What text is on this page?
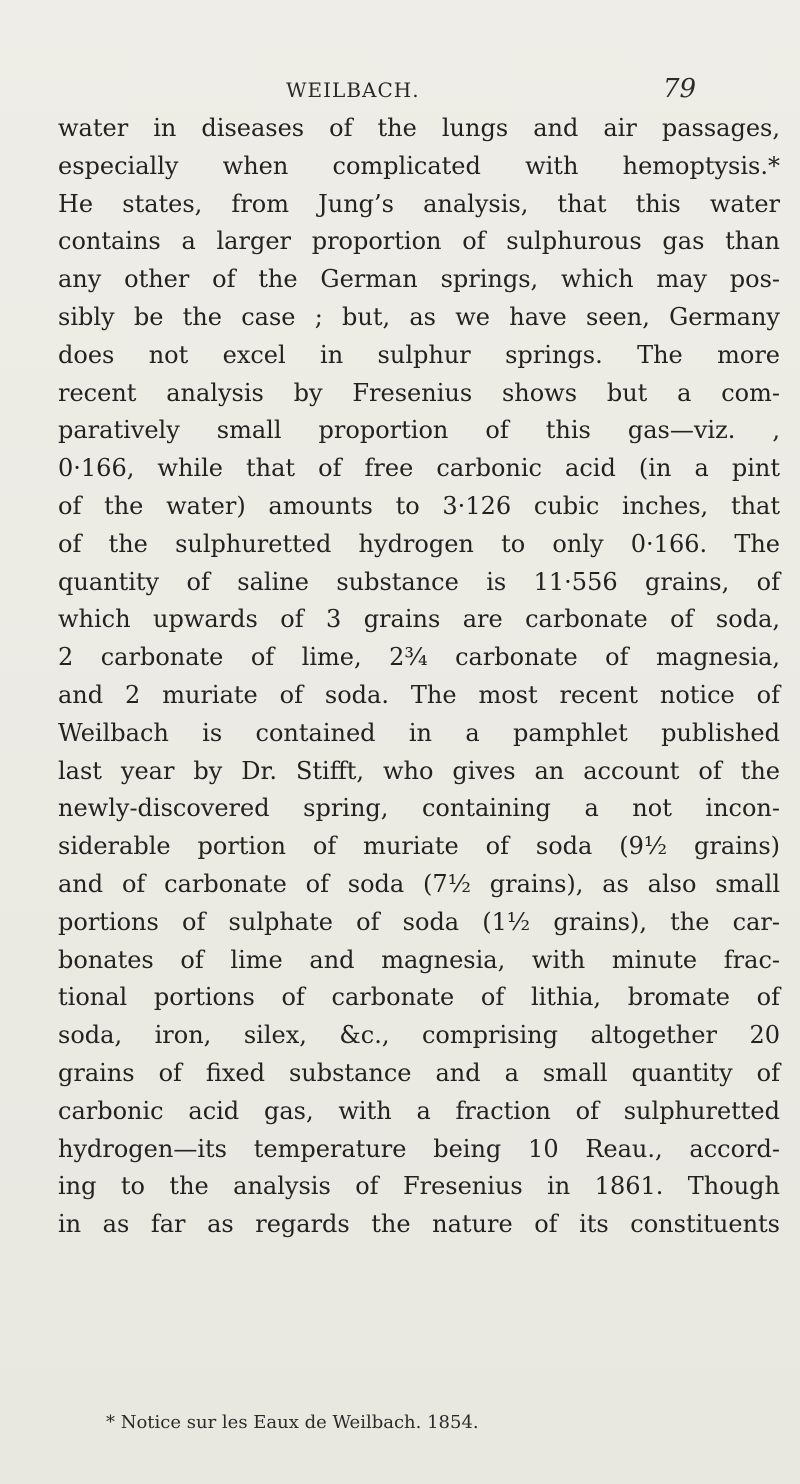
WEILBACH.	79
water in diseases of the lungs and air passages,
especially when complicated with hemoptysis.*
He states, from Jung’s analysis, that this water
contains a larger proportion of sulphurous gas than
any other of the German springs, which may pos-
sibly be the case ; but, as we have seen, Germany
does not excel in sulphur springs. The more
recent analysis by Fresenius shows but a com-
paratively small proportion of this gas—viz. ,
0·166, while that of free carbonic acid (in a pint
of the water) amounts to 3·126 cubic inches, that
of the sulphuretted hydrogen to only 0·166. The
quantity of saline substance is 11·556 grains, of
which upwards of 3 grains are carbonate of soda,
2 carbonate of lime, 2¾ carbonate of magnesia,
and 2 muriate of soda. The most recent notice of
Weilbach is contained in a pamphlet published
last year by Dr. Stifft, who gives an account of the
newly-discovered spring, containing a not incon-
siderable portion of muriate of soda (9½ grains)
and of carbonate of soda (7½ grains), as also small
portions of sulphate of soda (1½ grains), the car-
bonates of lime and magnesia, with minute frac-
tional portions of carbonate of lithia, bromate of
soda, iron, silex, &c., comprising altogether 20
grains of fixed substance and a small quantity of
carbonic acid gas, with a fraction of sulphuretted
hydrogen—its temperature being 10 Reau., accord-
ing to the analysis of Fresenius in 1861. Though
in as far as regards the nature of its constituents
* Notice sur les Eaux de Weilbach. 1854.
